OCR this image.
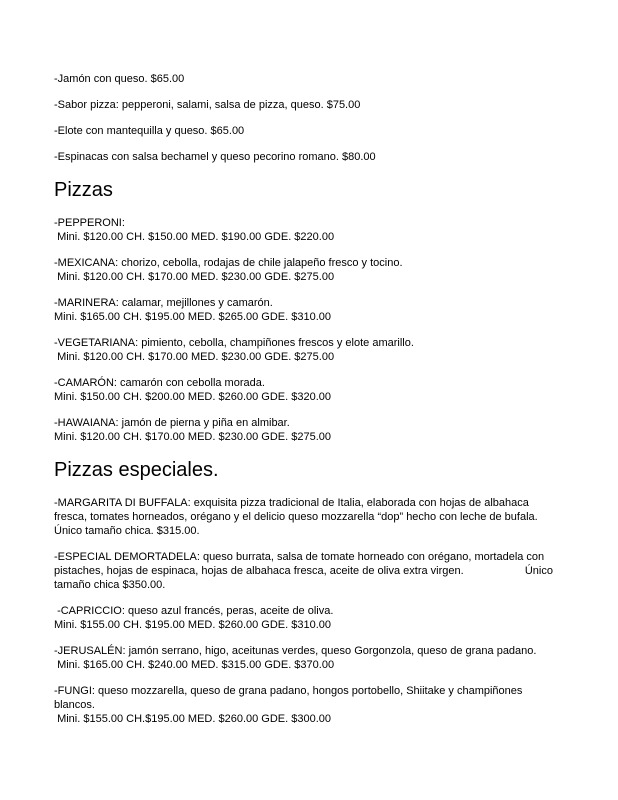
-Jamón con queso. $65.00
-Sabor pizza: pepperoni, salami, salsa de pizza, queso. $75.00
-Elote con mantequilla y queso. $65.00
-Espinacas con salsa bechamel y queso pecorino romano. $80.00
Pizzas
-PEPPERONI:
Mini. $120.00 CH. $150.00 MED. $190.00 GDE. $220.00
-MEXICANA: chorizo, cebolla, rodajas de chile jalapeño fresco y tocino.
Mini. $120.00 CH. $170.00 MED. $230.00 GDE. $275.00
-MARINERA: calamar, mejillones y camarón.
Mini. $165.00 CH. $195.00 MED. $265.00 GDE. $310.00
-VEGETARIANA: pimiento, cebolla, champiñones frescos y elote amarillo.
Mini. $120.00 CH. $170.00 MED. $230.00 GDE. $275.00
-CAMARÓN: camarón con cebolla morada.
Mini. $150.00 CH. $200.00 MED. $260.00 GDE. $320.00
-HAWAIANA: jamón de pierna y piña en almibar.
Mini. $120.00 CH. $170.00 MED. $230.00 GDE. $275.00
Pizzas especiales.
-MARGARITA DI BUFFALA: exquisita pizza tradicional de Italia, elaborada con hojas de albahaca
fresca, tomates horneados, orégano y el delicio queso mozzarella “dop” hecho con leche de bufala.
Único tamaño chica. $315.00.
-ESPECIAL DEMORTADELA: queso burrata, salsa de tomate horneado con orégano, mortadela con
pistaches, hojas de espinaca, hojas de albahaca fresca, aceite de oliva extra virgen.                    Único
tamaño chica $350.00.
-CAPRICCIO: queso azul francés, peras, aceite de oliva.
Mini. $155.00 CH. $195.00 MED. $260.00 GDE. $310.00
-JERUSALÉN: jamón serrano, higo, aceitunas verdes, queso Gorgonzola, queso de grana padano.
Mini. $165.00 CH. $240.00 MED. $315.00 GDE. $370.00
-FUNGI: queso mozzarella, queso de grana padano, hongos portobello, Shiitake y champiñones
blancos.
Mini. $155.00 CH.$195.00 MED. $260.00 GDE. $300.00
